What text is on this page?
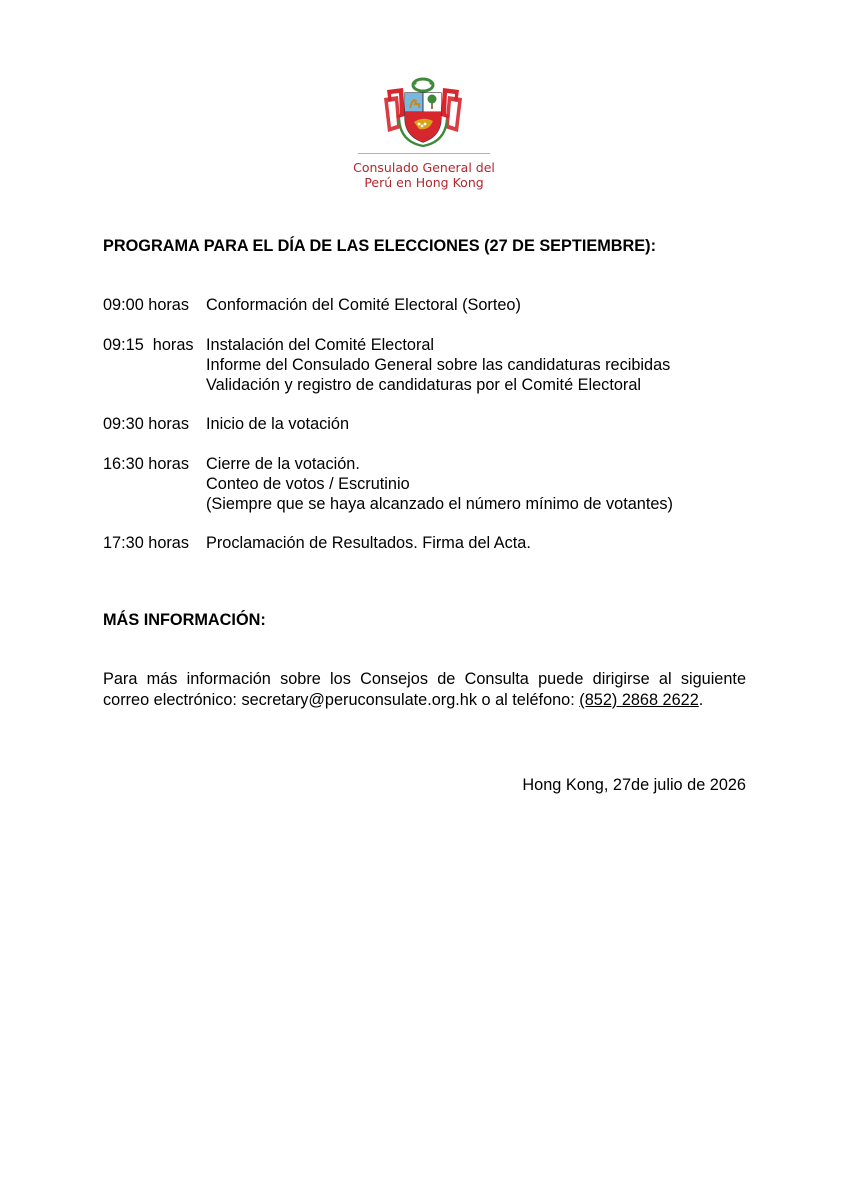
Consulado General del
Perú en Hong Kong
PROGRAMA PARA EL DÍA DE LAS ELECCIONES (27 DE SEPTIEMBRE):
09:00 horas Conformación del Comité Electoral (Sorteo)
09:15  horas Instalación del Comité Electoral
Informe del Consulado General sobre las candidaturas recibidas
Validación y registro de candidaturas por el Comité Electoral
09:30 horas Inicio de la votación
16:30 horas Cierre de la votación.
Conteo de votos / Escrutinio
(Siempre que se haya alcanzado el número mínimo de votantes)
17:30 horas Proclamación de Resultados. Firma del Acta.
MÁS INFORMACIÓN:
Para más información sobre los Consejos de Consulta puede dirigirse al siguiente
correo electrónico: secretary@peruconsulate.org.hk o al teléfono: (852) 2868 2622.
Hong Kong, 27de julio de 2026
